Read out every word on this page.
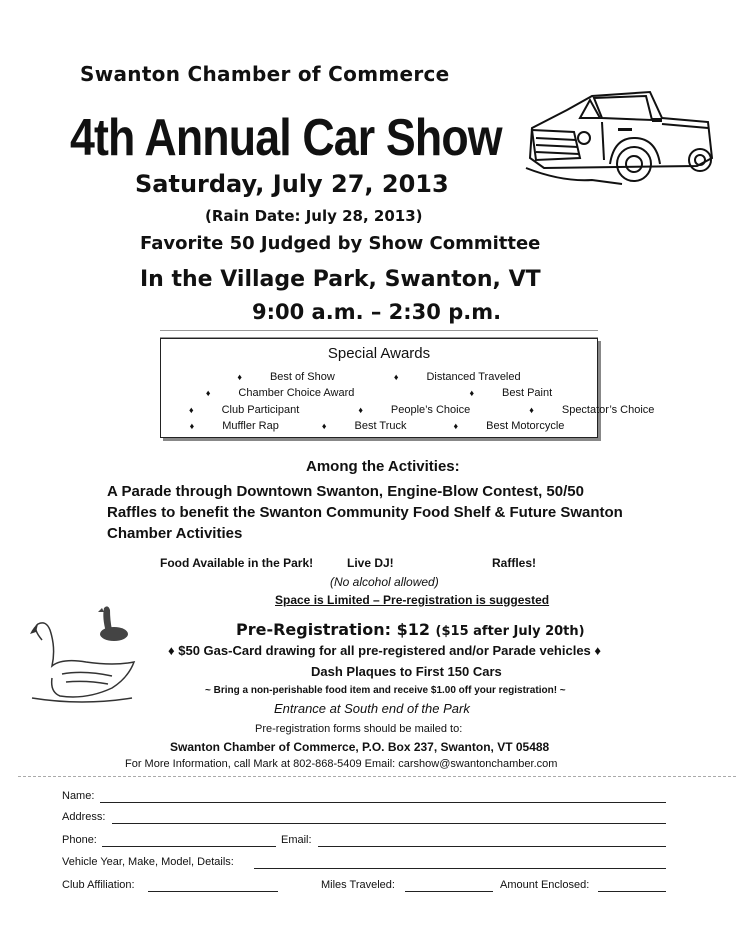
Swanton Chamber of Commerce
4th Annual Car Show
Saturday, July 27, 2013
(Rain Date: July 28, 2013)
Favorite 50 Judged by Show Committee
In the Village Park, Swanton, VT
9:00 a.m. – 2:30 p.m.
Special Awards
♦	Best of Show	♦	Distanced Traveled
♦	Chamber Choice Award	♦	Best Paint
♦	Club Participant	♦	People’s Choice	♦	Spectator’s Choice
♦	Muffler Rap	♦	Best Truck	♦	Best Motorcycle
Among the Activities:
A Parade through Downtown Swanton, Engine-Blow Contest, 50/50 Raffles to benefit the Swanton Community Food Shelf & Future Swanton Chamber Activities
Food Available in the Park!	Live DJ!	Raffles!
(No alcohol allowed)
Space is Limited – Pre-registration is suggested
Pre-Registration: $12 ($15 after July 20th)
♦ $50 Gas-Card drawing for all pre-registered and/or Parade vehicles ♦
Dash Plaques to First 150 Cars
~ Bring a non-perishable food item and receive $1.00 off your registration! ~
Entrance at South end of the Park
Pre-registration forms should be mailed to:
Swanton Chamber of Commerce, P.O. Box 237, Swanton, VT 05488
For More Information, call Mark at 802-868-5409 Email: carshow@swantonchamber.com
Name:
Address:
Phone:	Email:
Vehicle Year, Make, Model, Details:
Club Affiliation:	Miles Traveled:	Amount Enclosed:
